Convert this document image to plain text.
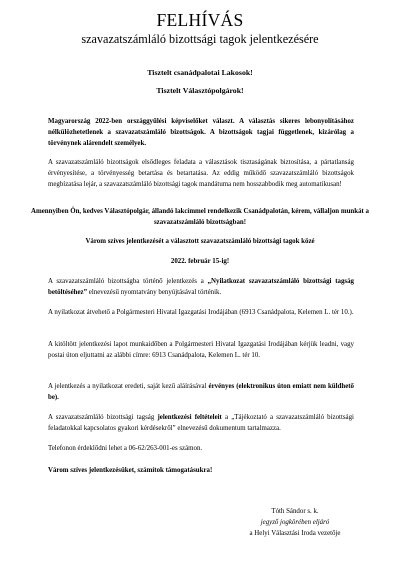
FELHÍVÁS
szavazatszámláló bizottsági tagok jelentkezésére
Tisztelt csanádpalotai Lakosok!
Tisztelt Választópolgárok!

Magyarország 2022-ben országgyűlési képviselőket választ. A választás sikeres lebonyolításához nélkülözhetetlenek a szavazatszámláló bizottságok. A bizottságok tagjai függetlenek, kizárólag a törvénynek alárendelt személyek.

A szavazatszámláló bizottságok elsődleges feladata a választások tisztaságának biztosítása, a pártatlanság érvényesítése, a törvényesség betartása és betartatása. Az eddig működő szavazatszámláló bizottságok megbízatása lejár, a szavazatszámláló bizottsági tagok mandátuma nem hosszabbodik meg automatikusan!

Amennyiben Ön, kedves Választópolgár, állandó lakcímmel rendelkezik Csanádpalotán, kérem, vállaljon munkát a szavazatszámláló bizottságban!

Várom szíves jelentkezését a választott szavazatszámláló bizottsági tagok közé

2022. február 15-ig!

A szavazatszámláló bizottságba történő jelentkezés a „Nyilatkozat szavazatszámláló bizottsági tagság betöltéséhez” elnevezésű nyomtatvány benyújtásával történik.

A nyilatkozat átvehető a Polgármesteri Hivatal Igazgatási Irodájában (6913 Csanádpalota, Kelemen L. tér 10.).

A kitöltött jelentkezési lapot munkaidőben a Polgármesteri Hivatal Igazgatási Irodájában kérjük leadni, vagy postai úton eljuttatni az alábbi címre: 6913 Csanádpalota, Kelemen L. tér 10.

A jelentkezés a nyilatkozat eredeti, saját kezű aláírásával érvényes (elektronikus úton emiatt nem küldhető be).

A szavazatszámláló bizottsági tagság jelentkezési feltételeit a „Tájékoztató a szavazatszámláló bizottsági feladatokkal kapcsolatos gyakori kérdésekről” elnevezésű dokumentum tartalmazza.

Telefonon érdeklődni lehet a 06-62/263-001-es számon.

Várom szíves jelentkezésüket, számítok támogatásukra!

Tóth Sándor s. k.

jegyző jogkörében eljáró

a Helyi Választási Iroda vezetője
